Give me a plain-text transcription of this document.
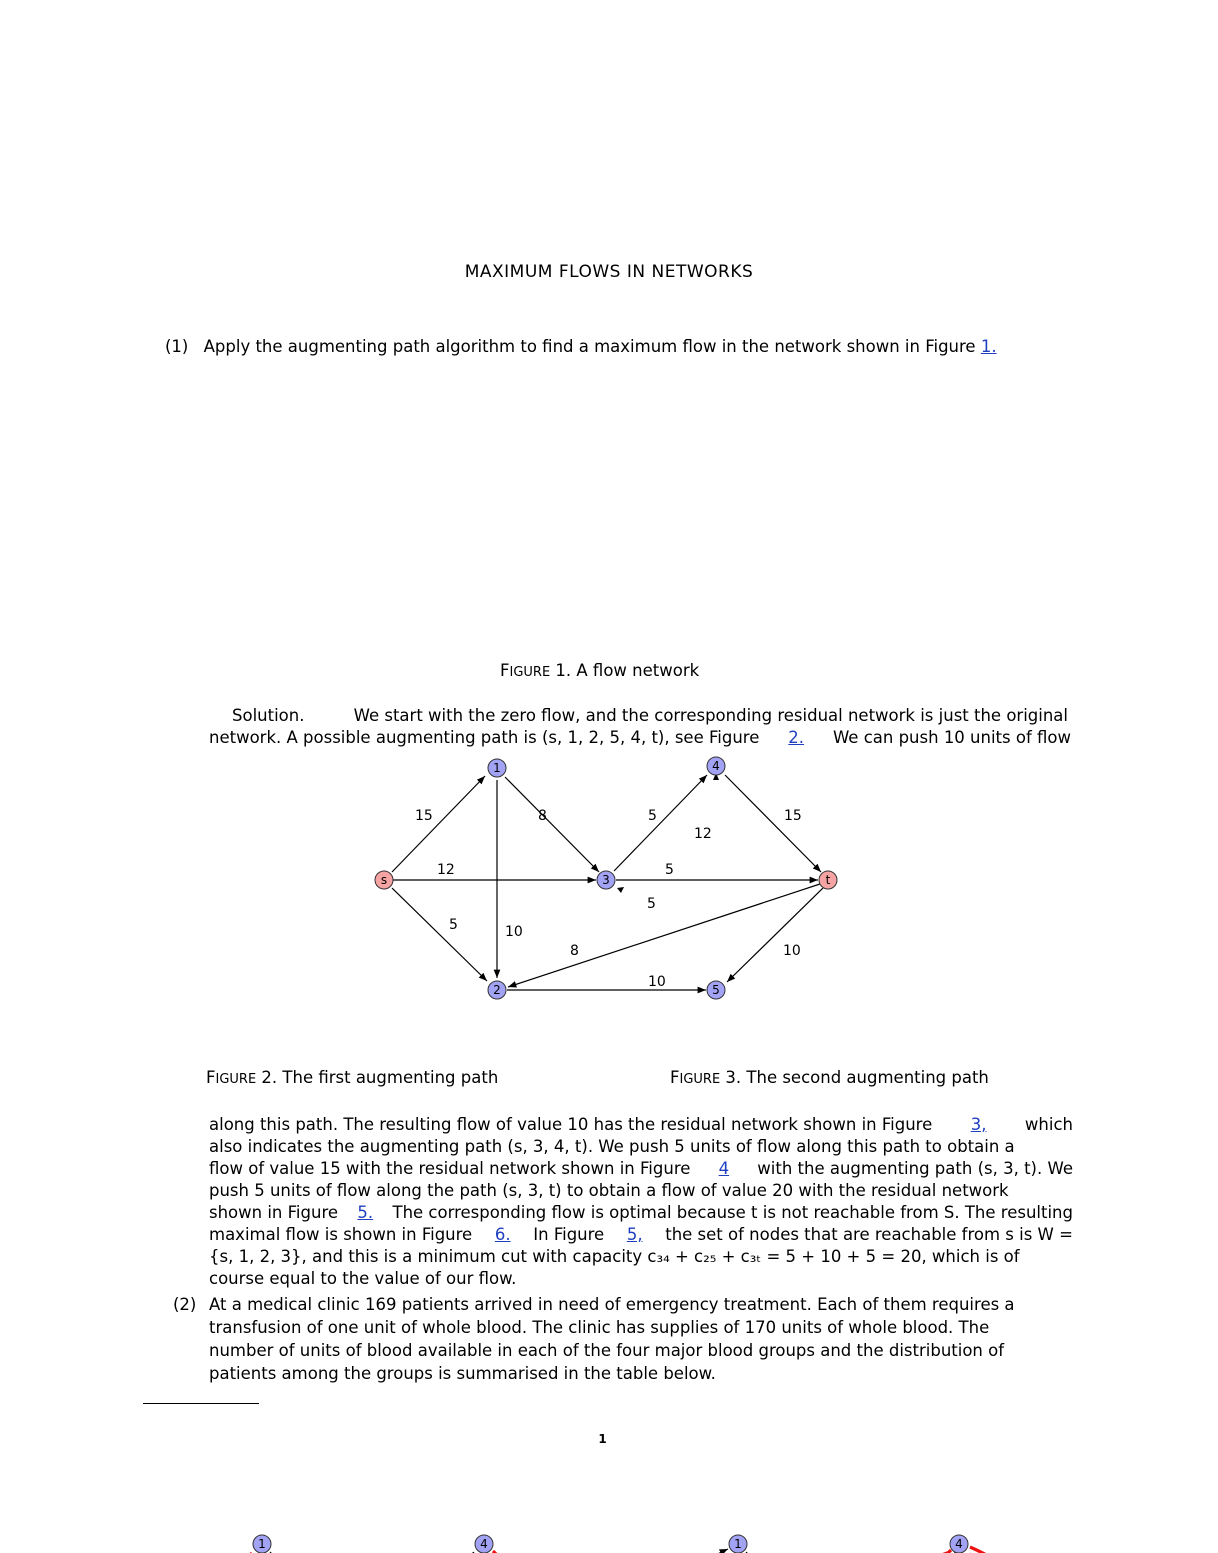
MAXIMUM FLOWS IN NETWORKS
(1) Apply the augmenting path algorithm to find a maximum flow in the network shown in Figure 1.
15	8	5	15
12
12	5
5
5	10
8	10
10
s
1
3
4
t
2	5
FIGURE 1. A flow network
Solution.	We start with the zero flow, and the corresponding residual network is just the original
network. A possible augmenting path is (s, 1, 2, 5, 4, t), see Figure 2. We can push 10 units of flow
1	4	1	4
FIGURE 2. The first augmenting path	FIGURE 3. The second augmenting path
along this path. The resulting flow of value 10 has the residual network shown in Figure 3, which
also indicates the augmenting path (s, 3, 4, t). We push 5 units of flow along this path to obtain a
flow of value 15 with the residual network shown in Figure 4 with the augmenting path (s, 3, t). We
push 5 units of flow along the path (s, 3, t) to obtain a flow of value 20 with the residual network
shown in Figure 5. The corresponding flow is optimal because t is not reachable from S. The resulting
maximal flow is shown in Figure 6. In Figure 5, the set of nodes that are reachable from s is W =
{s, 1, 2, 3}, and this is a minimum cut with capacity c₃₄ + c₂₅ + c₃ₜ = 5 + 10 + 5 = 20, which is of
course equal to the value of our flow.
(2) At a medical clinic 169 patients arrived in need of emergency treatment. Each of them requires a
transfusion of one unit of whole blood. The clinic has supplies of 170 units of whole blood. The
number of units of blood available in each of the four major blood groups and the distribution of
patients among the groups is summarised in the table below.
1
